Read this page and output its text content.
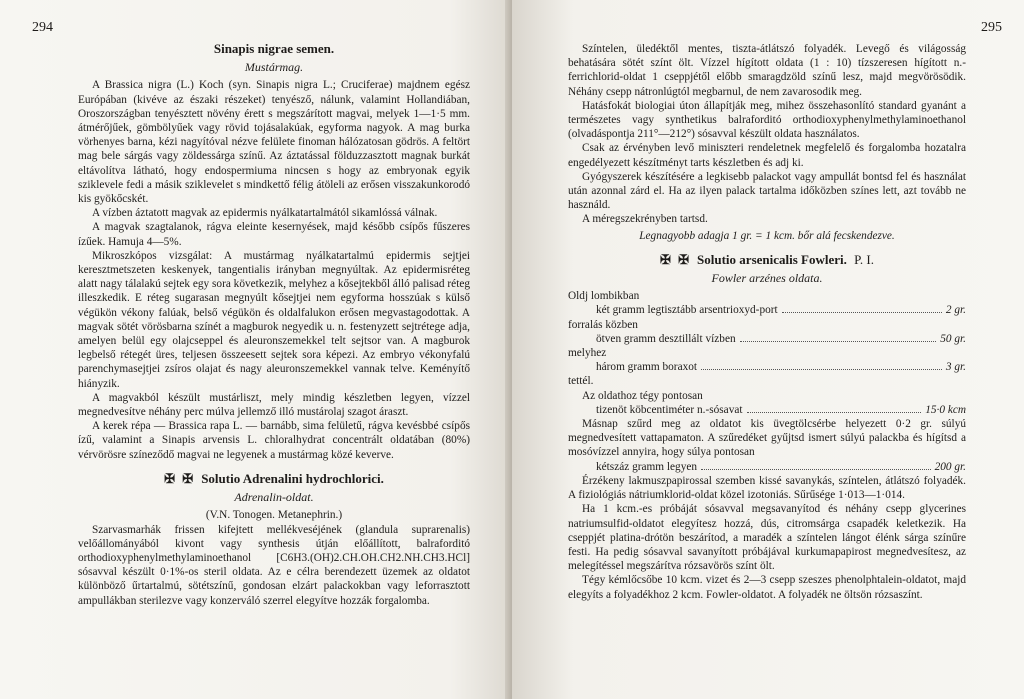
294

Sinapis nigrae semen.

Mustármag.

A Brassica nigra (L.) Koch (syn. Sinapis nigra L.; Cruciferae) majdnem egész Európában (kivéve az északi részeket) tenyésző, nálunk, valamint Hollandiában, Oroszországban tenyésztett növény érett s megszárított magvai, melyek 1—1·5 mm. átmérőjűek, gömbölyűek vagy rövid tojásalakúak, egyforma nagyok. A mag burka vörhenyes barna, kézi nagyítóval nézve felülete finoman hálózatosan gödrös. A feltört mag bele sárgás vagy zöldessárga színű. Az áztatással földuzzasztott magnak burkát eltávolítva látható, hogy endospermiuma nincsen s hogy az embryonak egyik sziklevele fedi a másik sziklevelet s mindkettő félig átöleli az erősen visszakunkorodó kis gyökőcskét.

A vízben áztatott magvak az epidermis nyálkatartalmától sikamlóssá válnak.

A magvak szagtalanok, rágva eleinte kesernyések, majd később csípős fűszeres ízűek. Hamuja 4—5%.

Mikroszkópos vizsgálat: A mustármag nyálkatartalmú epidermis sejtjei keresztmetszeten keskenyek, tangentialis irányban megnyúltak. Az epidermisréteg alatt nagy tálalakú sejtek egy sora következik, melyhez a kősejtekből álló palisad réteg illeszkedik. E réteg sugarasan megnyúlt kősejtjei nem egyforma hosszúak s külső végükön vékony falúak, belső végükön és oldalfalukon erősen megvastagodottak. A magvak sötét vörösbarna színét a magburok negyedik u. n. festenyzett sejtrétege adja, amelyen belül egy olajcseppel és aleuronszemekkel telt sejtsor van. A magburok legbelső rétegét üres, teljesen összeesett sejtek sora képezi. Az embryo vékonyfalú parenchymasejtjei zsíros olajat és nagy aleuronszemekkel vannak telve. Keményítő hiányzik.

A magvakból készült mustárliszt, mely mindig készletben legyen, vízzel megnedvesítve néhány perc múlva jellemző illó mustárolaj szagot áraszt.

A kerek répa — Brassica rapa L. — barnább, sima felületű, rágva kevésbbé csípős ízű, valamint a Sinapis arvensis L. chloralhydrat concentrált oldatában (80%) vérvörösre színeződő magvai ne legyenek a mustármag közé keverve.

✠ ✠ Solutio Adrenalini hydrochlorici.

Adrenalin-oldat.

(V.N. Tonogen. Metanephrin.)

Szarvasmarhák frissen kifejtett mellékveséjének (glandula suprarenalis) velőállományából kivont vagy synthesis útján előállított, balraforditó orthodioxyphenylmethylaminoethanol [C6H3.(OH)2.CH.OH.CH2.NH.CH3.HCl] sósavval készült 0·1%-os steril oldata. Az e célra berendezett üzemek az oldatot különböző űrtartalmú, sötétszínű, gondosan elzárt palackokban vagy leforrasztott ampullákban sterilezve vagy konzerváló szerrel elegyítve hozzák forgalomba.

295

Színtelen, üledéktől mentes, tiszta-átlátszó folyadék. Levegő és világosság behatására sötét színt ölt. Vízzel hígított oldata (1 : 10) tízszeresen hígított n.-ferrichlorid-oldat 1 cseppjétől előbb smaragdzöld színű lesz, majd megvörösödik. Néhány csepp nátronlúgtól megbarnul, de nem zavarosodik meg.

Hatásfokát biologiai úton állapítják meg, mihez összehasonlító standard gyanánt a természetes vagy synthetikus balraforditó orthodioxyphenylmethylaminoethanol (olvadáspontja 211°—212°) sósavval készült oldata használatos.

Csak az érvényben levő miniszteri rendeletnek megfelelő és forgalomba hozatalra engedélyezett készítményt tarts készletben és adj ki.

Gyógyszerek készítésére a legkisebb palackot vagy ampullát bontsd fel és használat után azonnal zárd el. Ha az ilyen palack tartalma időközben színes lett, azt tovább ne használd.

A méregszekrényben tartsd.

Legnagyobb adagja 1 gr. = 1 kcm. bőr alá fecskendezve.

✠ ✠ Solutio arsenicalis Fowleri. P. I.

Fowler arzénes oldata.

Oldj lombikban
két gramm legtisztább arsentrioxyd-port	2 gr.
forralás közben
ötven gramm desztillált vízben	50 gr.
melyhez
három gramm boraxot	3 gr.
tettél.
Az oldathoz tégy pontosan
tizenöt köbcentiméter n.-sósavat	15·0 kcm

Másnap szűrd meg az oldatot kis üvegtölcsérbe helyezett 0·2 gr. súlyú megnedvesített vattapamaton. A szűredéket gyűjtsd ismert súlyú palackba és hígítsd a mosóvízzel annyira, hogy súlya pontosan

kétszáz gramm legyen	200 gr.

Érzékeny lakmuszpapirossal szemben kissé savanykás, színtelen, átlátszó folyadék. A fiziológiás nátriumklorid-oldat közel izotoniás. Sűrűsége 1·013—1·014.

Ha 1 kcm.-es próbáját sósavval megsavanyítod és néhány csepp glycerines natriumsulfid-oldatot elegyítesz hozzá, dús, citromsárga csapadék keletkezik. Ha cseppjét platina-drótön beszárítod, a maradék a színtelen lángot élénk sárga színűre festi. Ha pedig sósavval savanyított próbájával kurkumapapirost megnedvesítesz, az melegítéssel megszárítva rózsavörös színt ölt.

Tégy kémlőcsőbe 10 kcm. vizet és 2—3 csepp szeszes phenolphtalein-oldatot, majd elegyíts a folyadékhoz 2 kcm. Fowler-oldatot. A folyadék ne öltsön rózsaszínt.
